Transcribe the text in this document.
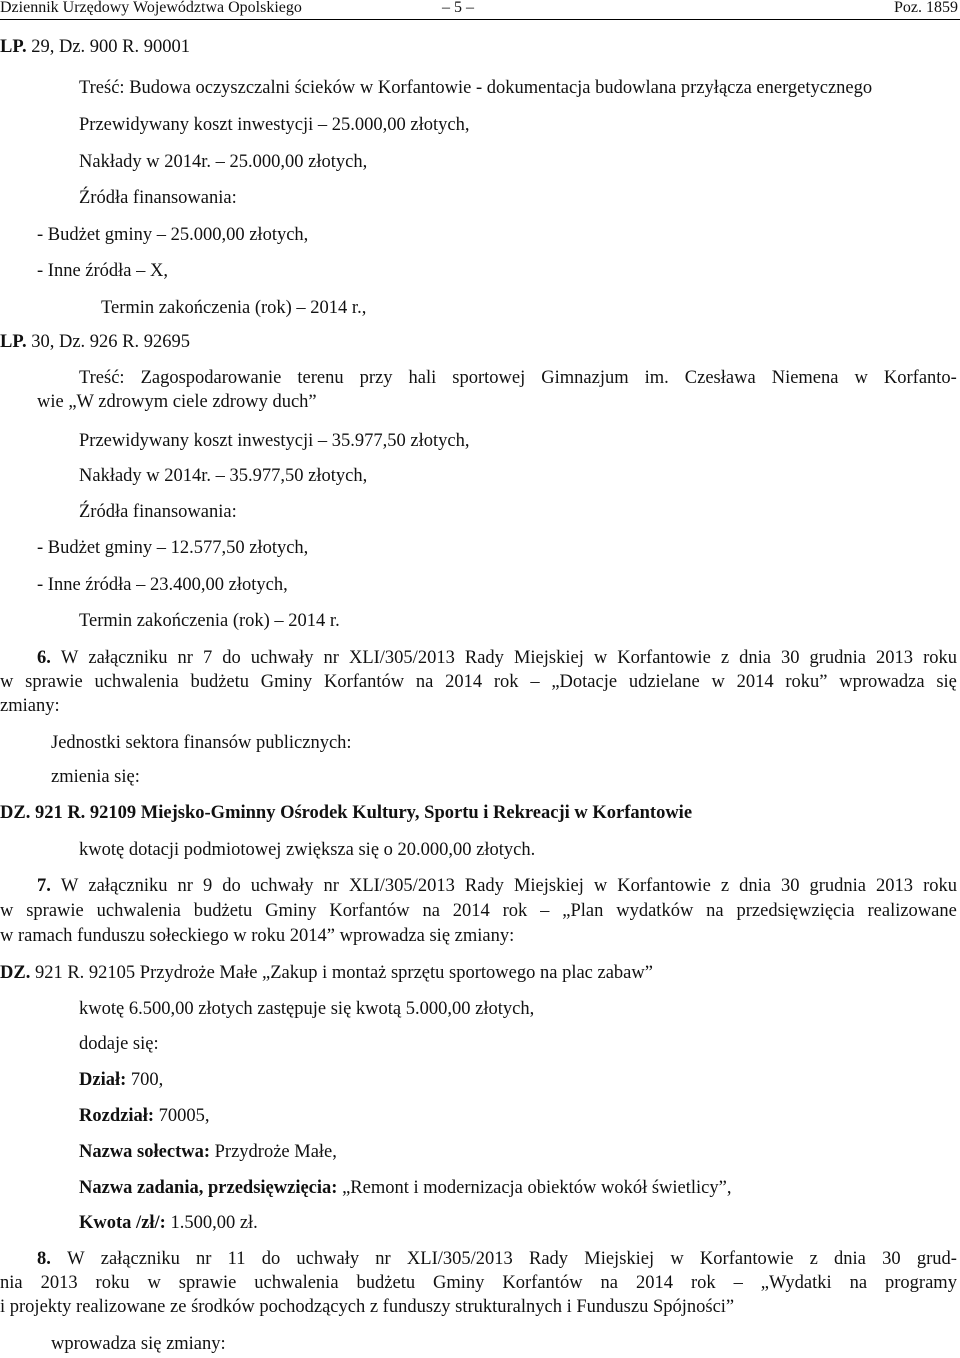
Dziennik Urzędowy Województwa Opolskiego	– 5 –	Poz. 1859
LP. 29, Dz. 900 R. 90001
Treść: Budowa oczyszczalni ścieków w Korfantowie - dokumentacja budowlana przyłącza energetycznego
Przewidywany koszt inwestycji – 25.000,00 złotych,
Nakłady w 2014r. – 25.000,00 złotych,
Źródła finansowania:
- Budżet gminy – 25.000,00 złotych,
- Inne źródła – X,
Termin zakończenia (rok) – 2014 r.,
LP. 30, Dz. 926 R. 92695
Treść: Zagospodarowanie terenu przy hali sportowej Gimnazjum im. Czesława Niemena w Korfanto-
wie „W zdrowym ciele zdrowy duch”
Przewidywany koszt inwestycji – 35.977,50 złotych,
Nakłady w 2014r. – 35.977,50 złotych,
Źródła finansowania:
- Budżet gminy – 12.577,50 złotych,
- Inne źródła – 23.400,00 złotych,
Termin zakończenia (rok) – 2014 r.
6. W załączniku nr 7 do uchwały nr XLI/305/2013 Rady Miejskiej w Korfantowie z dnia 30 grudnia 2013 roku
w sprawie uchwalenia budżetu Gminy Korfantów na 2014 rok – „Dotacje udzielane w 2014 roku” wprowadza się
zmiany:
Jednostki sektora finansów publicznych:
zmienia się:
DZ. 921 R. 92109 Miejsko-Gminny Ośrodek Kultury, Sportu i Rekreacji w Korfantowie
kwotę dotacji podmiotowej zwiększa się o 20.000,00 złotych.
7. W załączniku nr 9 do uchwały nr XLI/305/2013 Rady Miejskiej w Korfantowie z dnia 30 grudnia 2013 roku
w sprawie uchwalenia budżetu Gminy Korfantów na 2014 rok – „Plan wydatków na przedsięwzięcia realizowane
w ramach funduszu sołeckiego w roku 2014” wprowadza się zmiany:
DZ. 921 R. 92105 Przydroże Małe „Zakup i montaż sprzętu sportowego na plac zabaw”
kwotę 6.500,00 złotych zastępuje się kwotą 5.000,00 złotych,
dodaje się:
Dział: 700,
Rozdział: 70005,
Nazwa sołectwa: Przydroże Małe,
Nazwa zadania, przedsięwzięcia: „Remont i modernizacja obiektów wokół świetlicy”,
Kwota /zł/: 1.500,00 zł.
8. W załączniku nr 11 do uchwały nr XLI/305/2013 Rady Miejskiej w Korfantowie z dnia 30 grud-
nia 2013 roku w sprawie uchwalenia budżetu Gminy Korfantów na 2014 rok – „Wydatki na programy
i projekty realizowane ze środków pochodzących z funduszy strukturalnych i Funduszu Spójności”
wprowadza się zmiany:
